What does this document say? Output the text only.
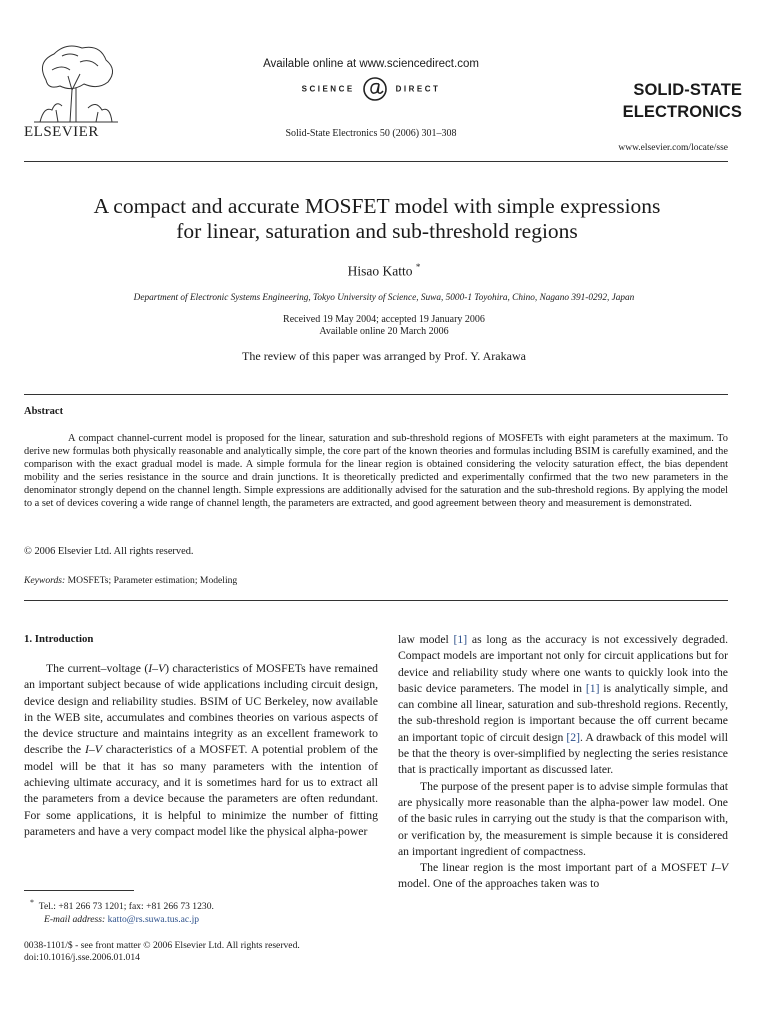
ELSEVIER
Available online at www.sciencedirect.com
SCIENCE	DIRECT
Solid-State Electronics 50 (2006) 301–308
SOLID-STATE
ELECTRONICS
www.elsevier.com/locate/sse
A compact and accurate MOSFET model with simple expressions
for linear, saturation and sub-threshold regions
Hisao Katto *
Department of Electronic Systems Engineering, Tokyo University of Science, Suwa, 5000-1 Toyohira, Chino, Nagano 391-0292, Japan
Received 19 May 2004; accepted 19 January 2006
Available online 20 March 2006
The review of this paper was arranged by Prof. Y. Arakawa
Abstract
A compact channel-current model is proposed for the linear, saturation and sub-threshold regions of MOSFETs with eight parameters at the maximum. To derive new formulas both physically reasonable and analytically simple, the core part of the known theories and formulas including BSIM is carefully examined, and the comparison with the exact gradual model is made. A simple formula for the linear region is obtained considering the velocity saturation effect, the bias dependent mobility and the series resistance in the source and drain junctions. It is theoretically predicted and experimentally confirmed that the two new parameters in the denominator strongly depend on the channel length. Simple expressions are additionally advised for the saturation and the sub-threshold regions. By applying the model to a set of devices covering a wide range of channel length, the parameters are extracted, and good agreement between theory and measurement is demonstrated.
© 2006 Elsevier Ltd. All rights reserved.
Keywords: MOSFETs; Parameter estimation; Modeling
1. Introduction
The current–voltage (I–V) characteristics of MOSFETs have remained an important subject because of wide applications including circuit design, device design and reliability studies. BSIM of UC Berkeley, now available in the WEB site, accumulates and combines theories on various aspects of the device structure and maintains integrity as an excellent framework to describe the I–V characteristics of a MOSFET. A potential problem of the model will be that it has so many parameters with the intention of achieving ultimate accuracy, and it is sometimes hard for us to extract all the parameters from a device because the parameters are often redundant. For some applications, it is helpful to minimize the number of fitting parameters and have a very compact model like the physical alpha-power

law model [1] as long as the accuracy is not excessively degraded. Compact models are important not only for circuit applications but for device and reliability study where one wants to quickly look into the basic device parameters. The model in [1] is analytically simple, and can combine all linear, saturation and sub-threshold regions. Recently, the sub-threshold region is important because the off current became an important topic of circuit design [2]. A drawback of this model will be that the theory is over-simplified by neglecting the series resistance that is practically important as discussed later.

The purpose of the present paper is to advise simple formulas that are physically more reasonable than the alpha-power law model. One of the basic rules in carrying out the study is that the comparison with, or verification by, the measurement is simple because it is considered an important ingredient of compactness.

The linear region is the most important part of a MOSFET I–V model. One of the approaches taken was to

* Tel.: +81 266 73 1201; fax: +81 266 73 1230.
E-mail address: katto@rs.suwa.tus.ac.jp
0038-1101/$ - see front matter © 2006 Elsevier Ltd. All rights reserved.
doi:10.1016/j.sse.2006.01.014
